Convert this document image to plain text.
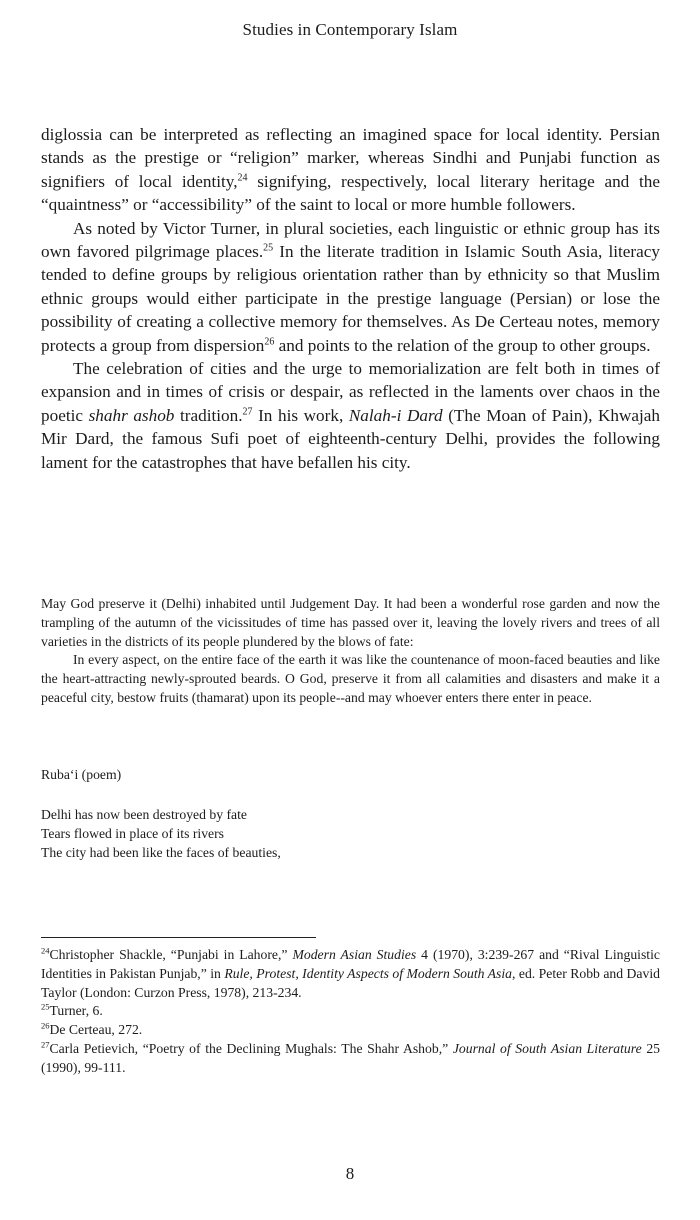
Studies in Contemporary Islam

diglossia can be interpreted as reflecting an imagined space for local identity. Persian stands as the prestige or “religion” marker, whereas Sindhi and Punjabi function as signifiers of local identity,$^{24}$ signifying, respectively, local literary heritage and the “quaintness” or “accessibility” of the saint to local or more humble followers.

As noted by Victor Turner, in plural societies, each linguistic or ethnic group has its own favored pilgrimage places.$^{25}$ In the literate tradition in Islamic South Asia, literacy tended to define groups by religious orientation rather than by ethnicity so that Muslim ethnic groups would either participate in the prestige language (Persian) or lose the possibility of creating a collective memory for themselves. As De Certeau notes, memory protects a group from dispersion$^{26}$ and points to the relation of the group to other groups.

The celebration of cities and the urge to memorialization are felt both in times of expansion and in times of crisis or despair, as reflected in the laments over chaos in the poetic shahr ashob tradition.$^{27}$ In his work, Nalah-i Dard (The Moan of Pain), Khwajah Mir Dard, the famous Sufi poet of eighteenth-century Delhi, provides the following lament for the catastrophes that have befallen his city.

May God preserve it (Delhi) inhabited until Judgement Day. It had been a wonderful rose garden and now the trampling of the autumn of the vicissitudes of time has passed over it, leaving the lovely rivers and trees of all varieties in the districts of its people plundered by the blows of fate:

In every aspect, on the entire face of the earth it was like the countenance of moon-faced beauties and like the heart-attracting newly-sprouted beards. O God, preserve it from all calamities and disasters and make it a peaceful city, bestow fruits (thamarat) upon its people--and may whoever enters there enter in peace.

Ruba‘i (poem)
Delhi has now been destroyed by fate
Tears flowed in place of its rivers
The city had been like the faces of beauties,

$^{24}$Christopher Shackle, “Punjabi in Lahore,” Modern Asian Studies 4 (1970), 3:239-267 and “Rival Linguistic Identities in Pakistan Punjab,” in Rule, Protest, Identity Aspects of Modern South Asia, ed. Peter Robb and David Taylor (London: Curzon Press, 1978), 213-234.

$^{25}$Turner, 6.

$^{26}$De Certeau, 272.

$^{27}$Carla Petievich, “Poetry of the Declining Mughals: The Shahr Ashob,” Journal of South Asian Literature 25 (1990), 99-111.

8
